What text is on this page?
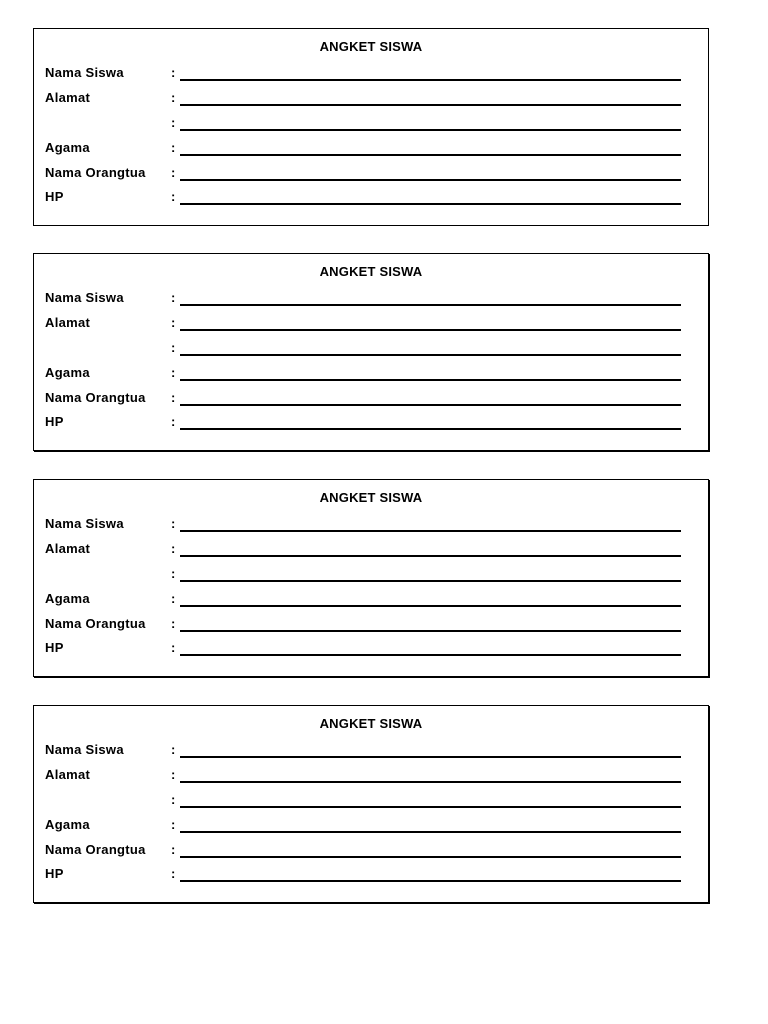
ANGKET SISWA
Nama Siswa	:
Alamat	:
:
Agama	:
Nama Orangtua :
HP	:
ANGKET SISWA
Nama Siswa	:
Alamat	:
:
Agama	:
Nama Orangtua :
HP	:
ANGKET SISWA
Nama Siswa	:
Alamat	:
:
Agama	:
Nama Orangtua :
HP	:
ANGKET SISWA
Nama Siswa	:
Alamat	:
:
Agama	:
Nama Orangtua :
HP	:
